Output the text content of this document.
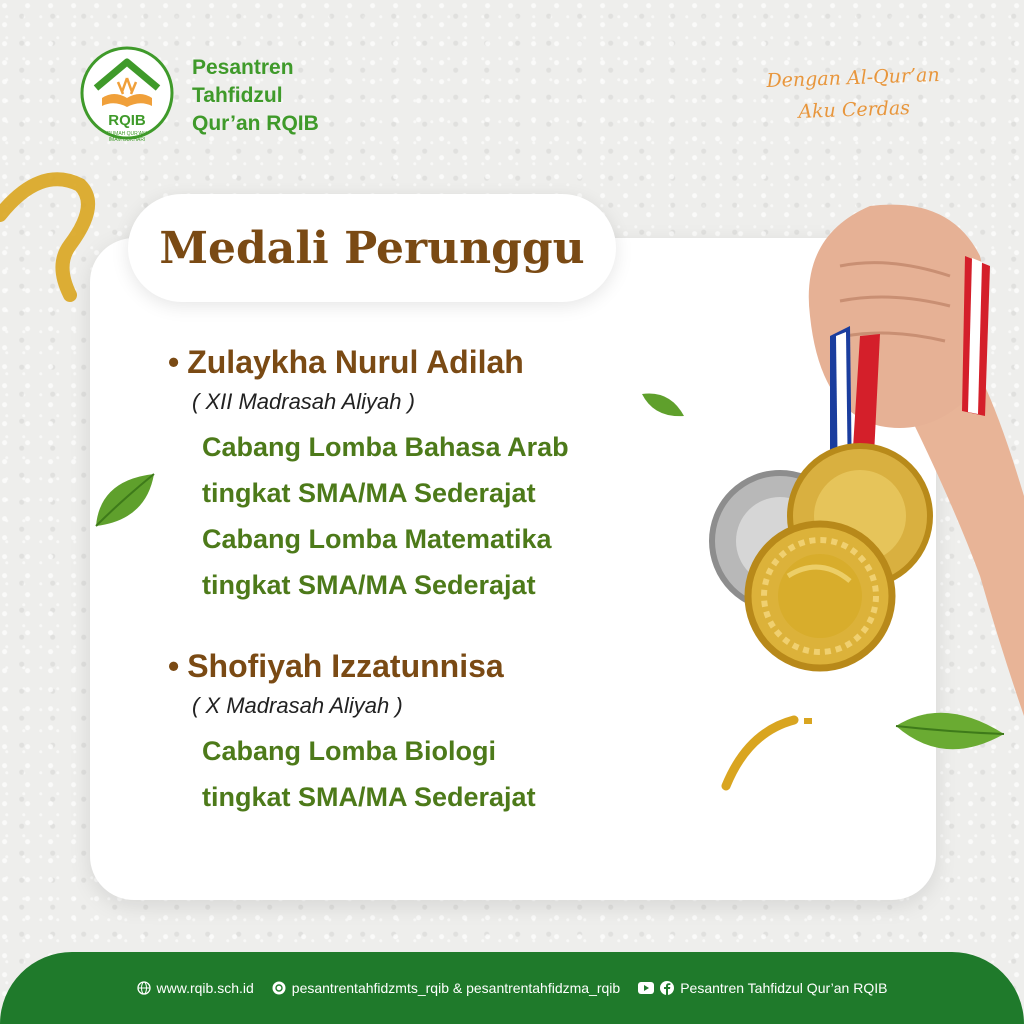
RQIB
RUMAH QUR'ANI
IMAM BUKHARI
Pesantren
Tahfidzul
Qur’an RQIB
Dengan Al-Qur’an
Aku Cerdas
Medali Perunggu
• Zulaykha Nurul Adilah
( XII Madrasah Aliyah )
Cabang Lomba Bahasa Arab
tingkat SMA/MA Sederajat
Cabang Lomba Matematika
tingkat SMA/MA Sederajat
• Shofiyah Izzatunnisa
( X Madrasah Aliyah )
Cabang Lomba Biologi
tingkat SMA/MA Sederajat
www.rqib.sch.id	pesantrentahfidzmts_rqib & pesantrentahfidzma_rqib	Pesantren Tahfidzul Qur’an RQIB
